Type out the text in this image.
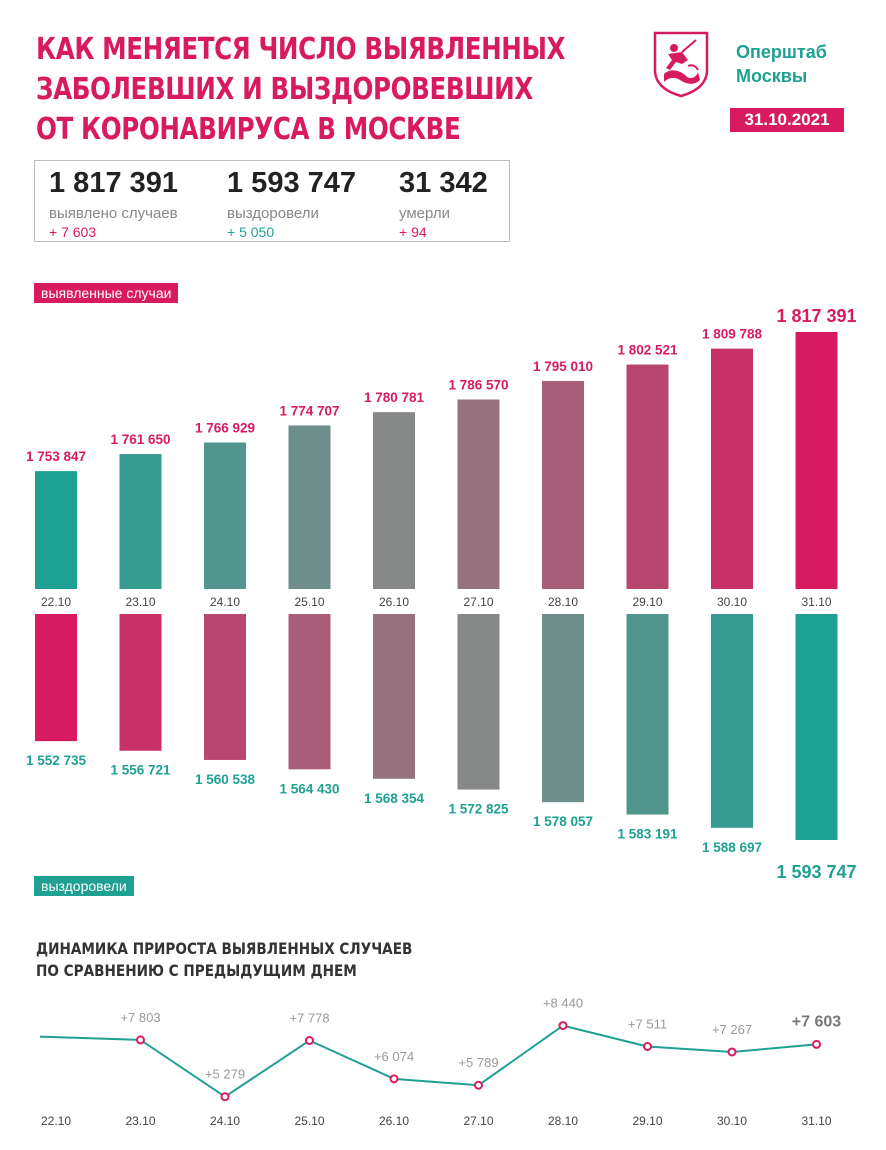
КАК МЕНЯЕТСЯ ЧИСЛО ВЫЯВЛЕННЫХ
ЗАБОЛЕВШИХ И ВЫЗДОРОВЕВШИХ
ОТ КОРОНАВИРУСА В МОСКВЕ
Оперштаб
Москвы
31.10.2021
1 817 391
выявлено случаев
+ 7 603
1 593 747
выздоровели
+ 5 050
31 342
умерли
+ 94
выявленные случаи
1 753 847
22.10
1 552 735
1 761 650
23.10
1 556 721
1 766 929
24.10
1 560 538
1 774 707
25.10
1 564 430
1 780 781
26.10
1 568 354
1 786 570
27.10
1 572 825
1 795 010
28.10
1 578 057
1 802 521
29.10
1 583 191
1 809 788
30.10
1 588 697
1 817 391
31.10
1 593 747
выздоровели
ДИНАМИКА ПРИРОСТА ВЫЯВЛЕННЫХ СЛУЧАЕВ
ПО СРАВНЕНИЮ С ПРЕДЫДУЩИМ ДНЕМ
22.10
+7 803
23.10
+5 279
24.10
+7 778
25.10
+6 074
26.10
+5 789
27.10
+8 440
28.10
+7 511
29.10
+7 267
30.10
+7 603
31.10
